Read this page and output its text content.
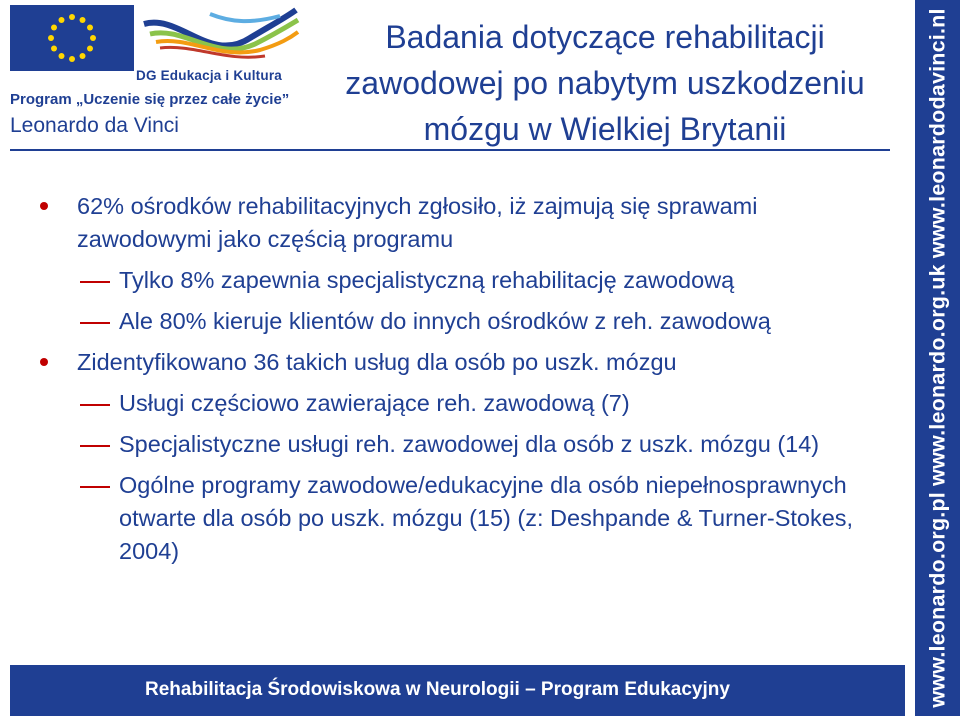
DG Edukacja i Kultura
Program „Uczenie się przez całe życie”
Leonardo da Vinci
Badania dotyczące rehabilitacji
zawodowej po nabytym uszkodzeniu
mózgu w Wielkiej Brytanii
62% ośrodków rehabilitacyjnych zgłosiło, iż zajmują się sprawami zawodowymi jako częścią programu
Tylko 8% zapewnia specjalistyczną rehabilitację zawodową
Ale 80% kieruje klientów do innych ośrodków z reh. zawodową
Zidentyfikowano 36 takich usług dla osób po uszk. mózgu
Usługi częściowo zawierające reh. zawodową (7)
Specjalistyczne usługi reh. zawodowej dla osób z uszk. mózgu (14)
Ogólne programy zawodowe/edukacyjne dla osób niepełnosprawnych otwarte dla osób po uszk. mózgu (15) (z: Deshpande & Turner-Stokes, 2004)	www.leonardo.org.pl www.leonardo.org.uk www.leonardodavinci.nl
Rehabilitacja Środowiskowa w Neurologii – Program Edukacyjny
